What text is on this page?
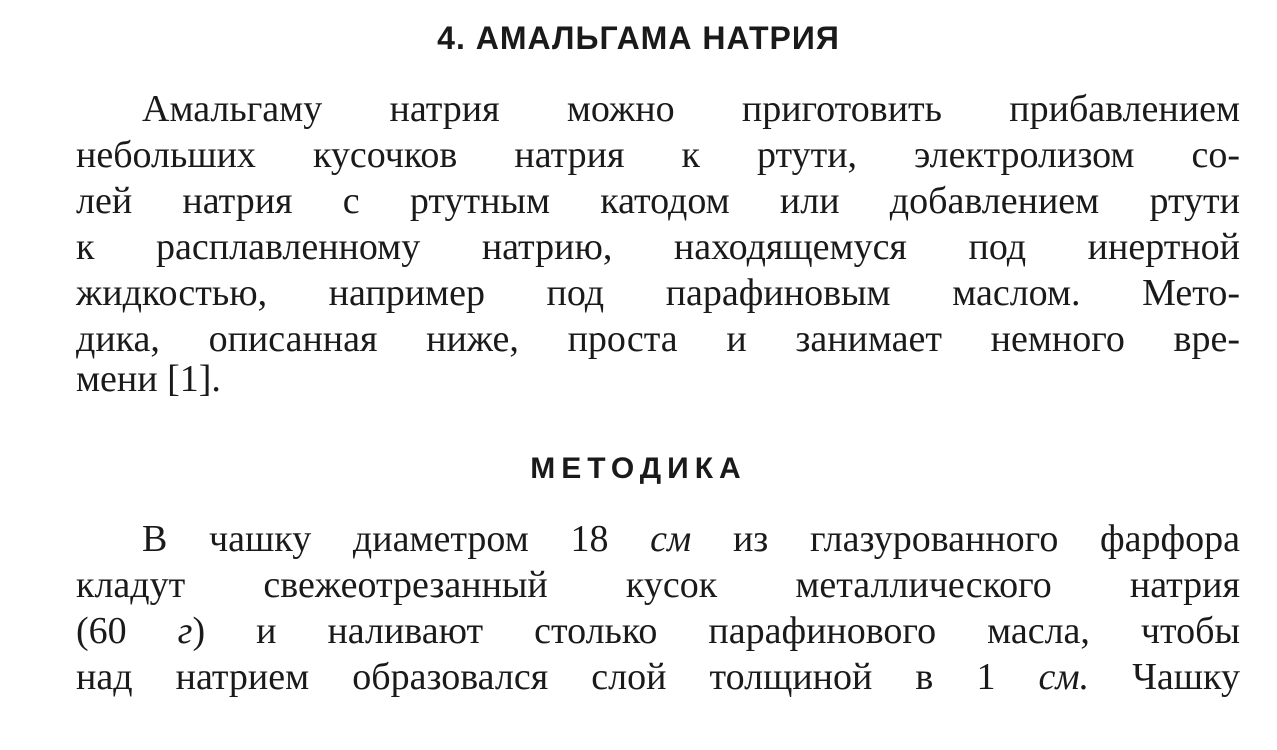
4. АМАЛЬГАМА НАТРИЯ
Амальгаму натрия можно приготовить прибавлением
небольших кусочков натрия к ртути, электролизом со-
лей натрия с ртутным катодом или добавлением ртути
к расплавленному натрию, находящемуся под инертной
жидкостью, например под парафиновым маслом. Мето-
дика, описанная ниже, проста и занимает немного вре-
мени [1].
МЕТОДИКА
В чашку диаметром 18 см из глазурованного фарфора
кладут свежеотрезанный кусок металлического натрия
(60 г) и наливают столько парафинового масла, чтобы
над натрием образовался слой толщиной в 1 см. Чашку
